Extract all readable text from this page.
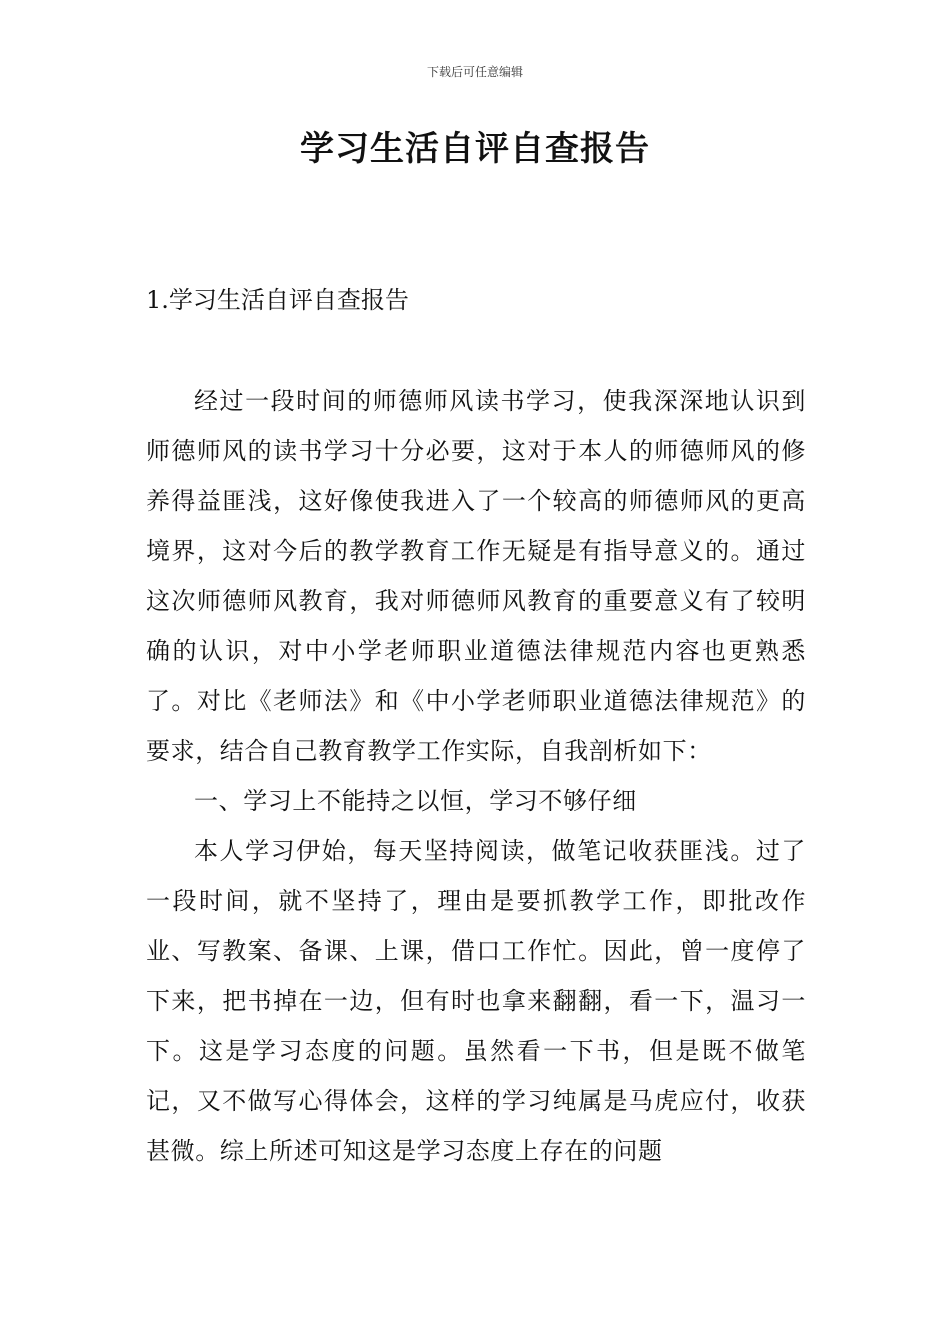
下载后可任意编辑
学习生活自评自查报告
1.学习生活自评自查报告

经过一段时间的师德师风读书学习，使我深深地认识到师德师风的读书学习十分必要，这对于本人的师德师风的修养得益匪浅，这好像使我进入了一个较高的师德师风的更高境界，这对今后的教学教育工作无疑是有指导意义的。通过这次师德师风教育，我对师德师风教育的重要意义有了较明确的认识，对中小学老师职业道德法律规范内容也更熟悉了。对比《老师法》和《中小学老师职业道德法律规范》的要求，结合自己教育教学工作实际，自我剖析如下：

一、学习上不能持之以恒，学习不够仔细

本人学习伊始，每天坚持阅读，做笔记收获匪浅。过了一段时间，就不坚持了，理由是要抓教学工作，即批改作业、写教案、备课、上课，借口工作忙。因此，曾一度停了下来，把书掉在一边，但有时也拿来翻翻，看一下，温习一下。这是学习态度的问题。虽然看一下书，但是既不做笔记，又不做写心得体会，这样的学习纯属是马虎应付，收获甚微。综上所述可知这是学习态度上存在的问题
